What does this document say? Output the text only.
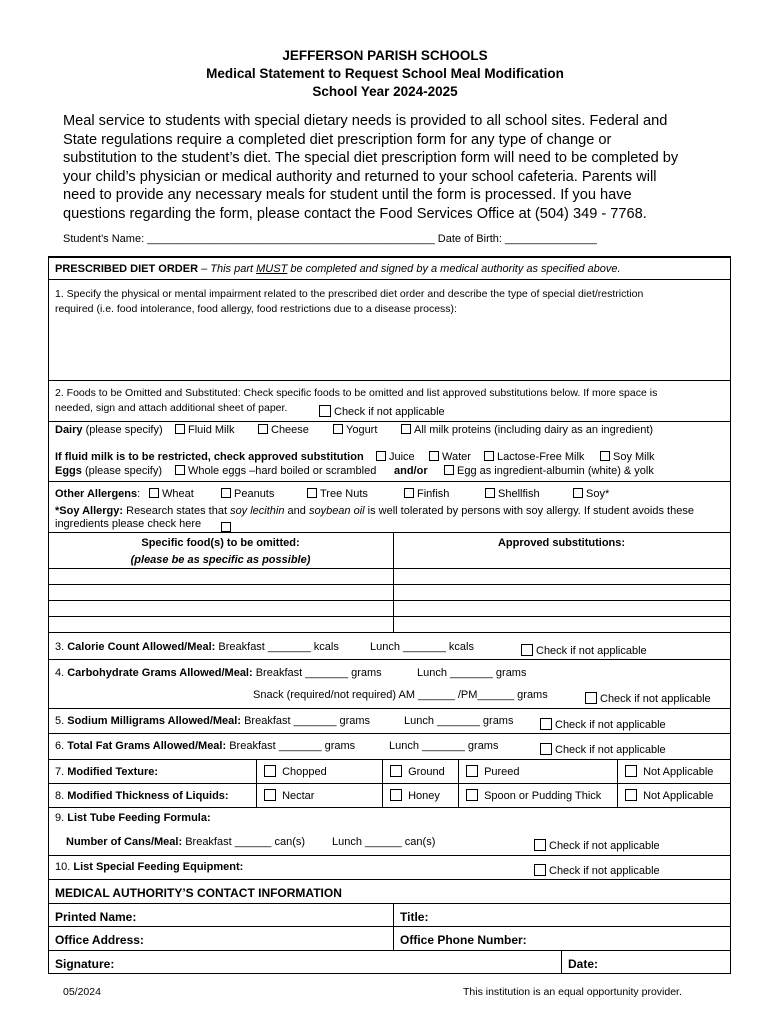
JEFFERSON PARISH SCHOOLS
Medical Statement to Request School Meal Modification
School Year 2024-2025
Meal service to students with special dietary needs is provided to all school sites. Federal and
State regulations require a completed diet prescription form for any type of change or
substitution to the student’s diet. The special diet prescription form will need to be completed by
your child’s physician or medical authority and returned to your school cafeteria. Parents will
need to provide any necessary meals for student until the form is processed. If you have
questions regarding the form, please contact the Food Services Office at (504) 349 - 7768.
Student’s Name: _______________________________________________ Date of Birth: _______________
PRESCRIBED DIET ORDER – This part MUST be completed and signed by a medical authority as specified above.
1. Specify the physical or mental impairment related to the prescribed diet order and describe the type of special diet/restriction
required (i.e. food intolerance, food allergy, food restrictions due to a disease process):
2. Foods to be Omitted and Substituted: Check specific foods to be omitted and list approved substitutions below. If more space is
needed, sign and attach additional sheet of paper.	Check if not applicable
Dairy (please specify)	Fluid Milk	Cheese	Yogurt	All milk proteins (including dairy as an ingredient)
If fluid milk is to be restricted, check approved substitution	Juice	Water	Lactose-Free Milk	Soy Milk
Eggs (please specify)	Whole eggs –hard boiled or scrambled and/or	Egg as ingredient-albumin (white) & yolk
Other Allergens:	Wheat	Peanuts	Tree Nuts	Finfish	Shellfish	Soy*
*Soy Allergy: Research states that soy lecithin and soybean oil is well tolerated by persons with soy allergy. If student avoids these
ingredients please check here
Specific food(s) to be omitted:
(please be as specific as possible)
Approved substitutions:
3. Calorie Count Allowed/Meal: Breakfast _______ kcals	Lunch _______ kcals	Check if not applicable
4. Carbohydrate Grams Allowed/Meal: Breakfast _______ grams	Lunch _______ grams
Snack (required/not required) AM ______ /PM______ grams	Check if not applicable
5. Sodium Milligrams Allowed/Meal: Breakfast _______ grams	Lunch _______ grams	Check if not applicable
6. Total Fat Grams Allowed/Meal: Breakfast _______ grams	Lunch _______ grams	Check if not applicable
7. Modified Texture:	Chopped	Ground	Pureed	Not Applicable
8. Modified Thickness of Liquids:	Nectar	Honey	Spoon or Pudding Thick	Not Applicable
9. List Tube Feeding Formula:
Number of Cans/Meal: Breakfast ______ can(s) Lunch ______ can(s)	Check if not applicable
10. List Special Feeding Equipment:	Check if not applicable
MEDICAL AUTHORITY’S CONTACT INFORMATION
Printed Name:	Title:
Office Address:	Office Phone Number:
Signature:	Date:
05/2024	This institution is an equal opportunity provider.
